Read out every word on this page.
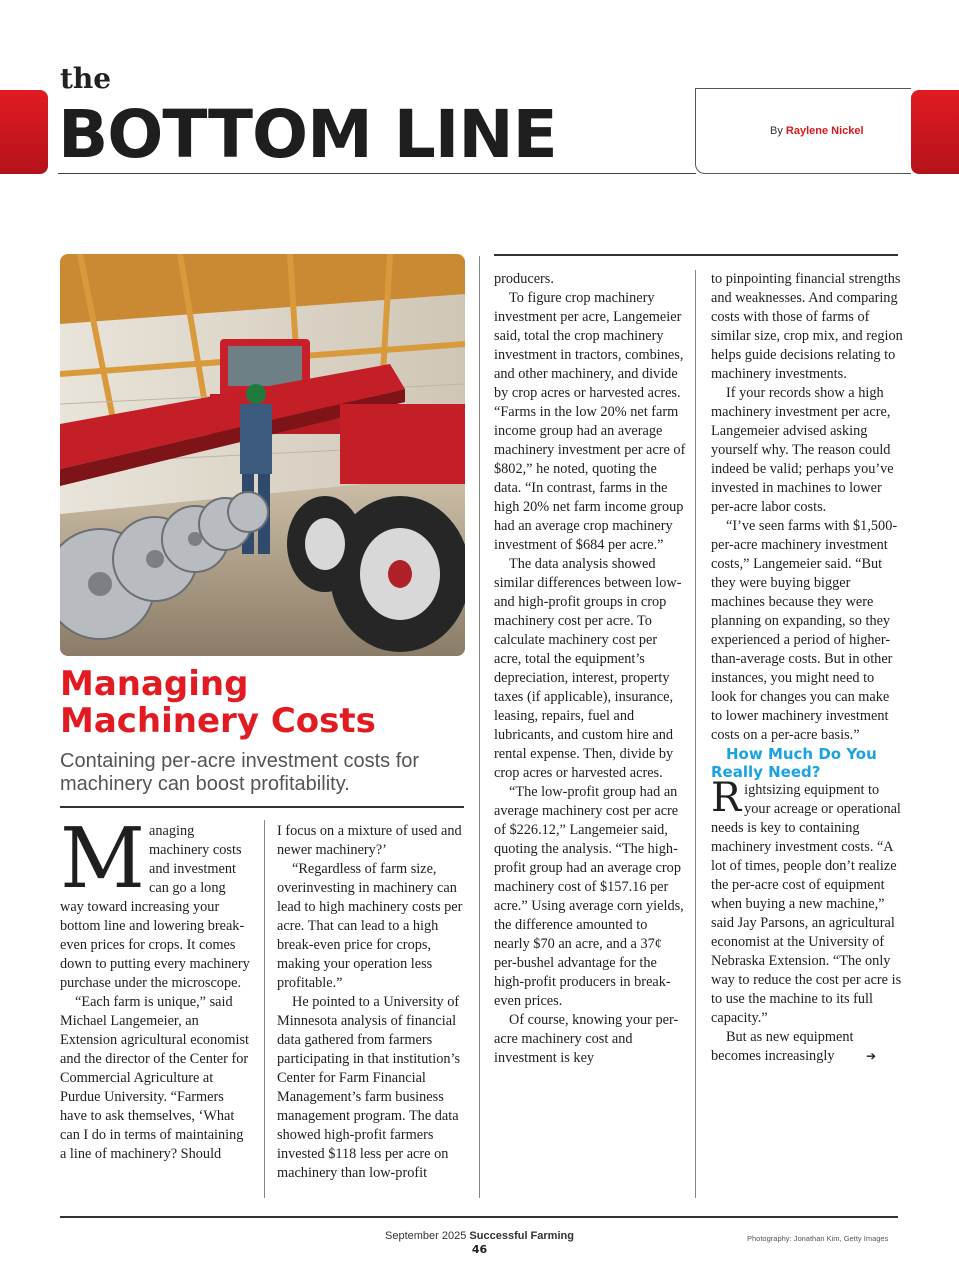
the
BOTTOM LINE	By Raylene Nickel
Managing
Machinery Costs
Containing per-acre investment costs for machinery can boost profitability.

Managing machinery costs and investment can go a long way toward increasing your bottom line and lowering break-even prices for crops. It comes down to putting every machinery purchase under the microscope.

“Each farm is unique,” said Michael Langemeier, an Extension agricultural economist and the director of the Center for Commercial Agriculture at Purdue University. “Farmers have to ask themselves, ‘What can I do in terms of maintaining a line of machinery? Should

I focus on a mixture of used and newer machinery?’

“Regardless of farm size, overinvesting in machinery can lead to high machinery costs per acre. That can lead to a high break-even price for crops, making your operation less profitable.”

He pointed to a University of Minnesota analysis of financial data gathered from farmers participating in that institution’s Center for Farm Financial Management’s farm business management program. The data showed high-profit farmers invested $118 less per acre on machinery than low-profit

producers.

To figure crop machinery investment per acre, Langemeier said, total the crop machinery investment in tractors, combines, and other machinery, and divide by crop acres or harvested acres. “Farms in the low 20% net farm income group had an average machinery investment per acre of $802,” he noted, quoting the data. “In contrast, farms in the high 20% net farm income group had an average crop machinery investment of $684 per acre.”

The data analysis showed similar differences between low- and high-profit groups in crop machinery cost per acre. To calculate machinery cost per acre, total the equipment’s depreciation, interest, property taxes (if applicable), insurance, leasing, repairs, fuel and lubricants, and custom hire and rental expense. Then, divide by crop acres or harvested acres.

“The low-profit group had an average machinery cost per acre of $226.12,” Langemeier said, quoting the analysis. “The high-profit group had an average crop machinery cost of $157.16 per acre.” Using average corn yields, the difference amounted to nearly $70 an acre, and a 37¢ per-bushel advantage for the high-profit producers in break-even prices.

Of course, knowing your per-acre machinery cost and investment is key

to pinpointing financial strengths and weaknesses. And comparing costs with those of farms of similar size, crop mix, and region helps guide decisions relating to machinery investments.

If your records show a high machinery investment per acre, Langemeier advised asking yourself why. The reason could indeed be valid; perhaps you’ve invested in machines to lower per-acre labor costs.

“I’ve seen farms with $1,500-per-acre machinery investment costs,” Langemeier said. “But they were buying bigger machines because they were planning on expanding, so they experienced a period of higher-than-average costs. But in other instances, you might need to look for changes you can make to lower machinery investment costs on a per-acre basis.”

How Much Do You Really Need?

Rightsizing equipment to your acreage or operational needs is key to containing machinery investment costs. “A lot of times, people don’t realize the per-acre cost of equipment when buying a new machine,” said Jay Parsons, an agricultural economist at the University of Nebraska Extension. “The only way to reduce the cost per acre is to use the machine to its full capacity.”

But as new equipment becomes increasingly	➔

September 2025 Successful Farming
46
Photography: Jonathan Kim, Getty Images
